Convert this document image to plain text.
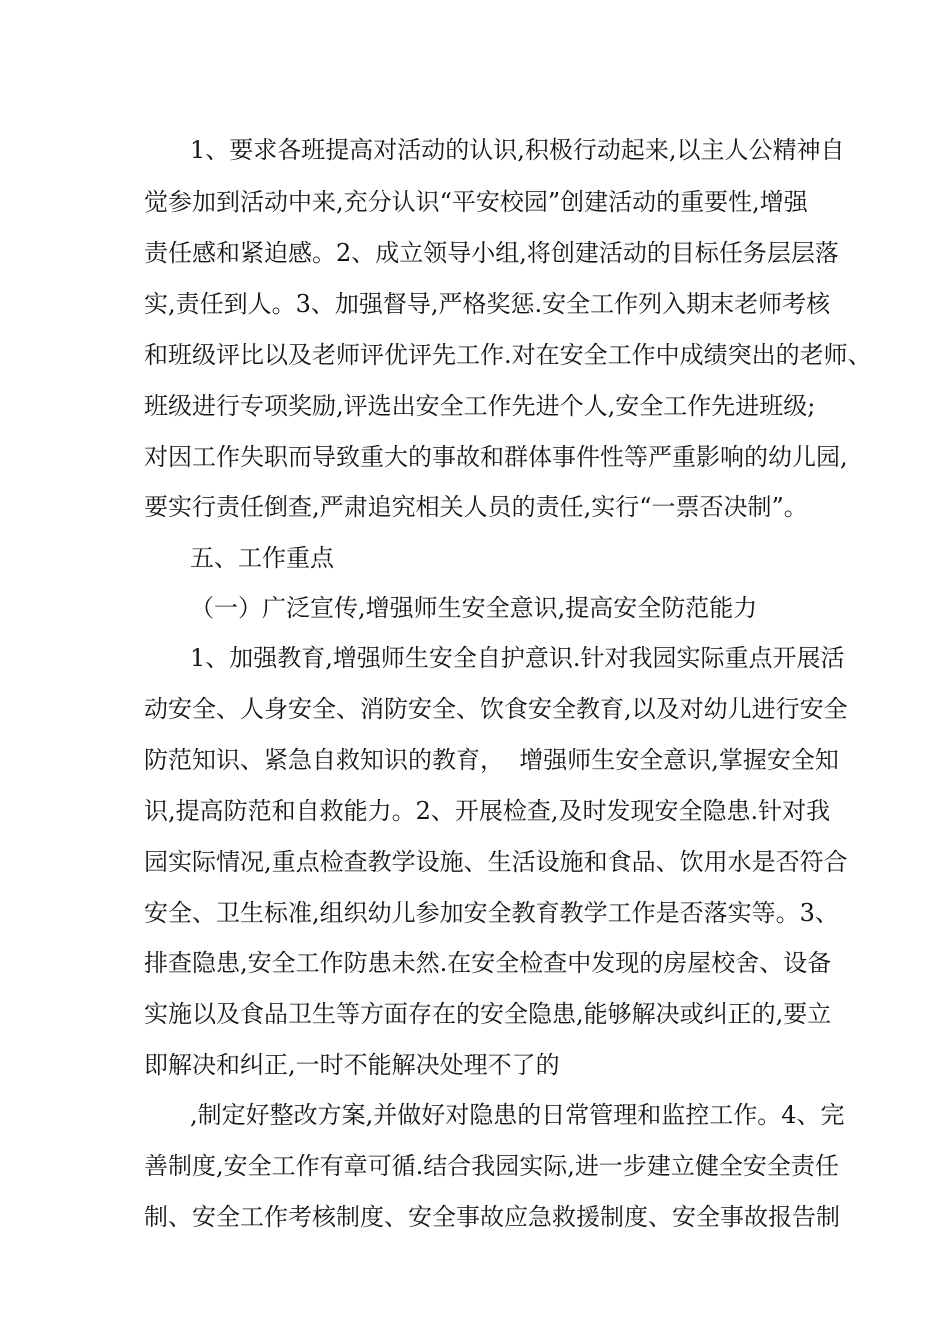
1、要求各班提高对活动的认识,积极行动起来,以主人公精神自
觉参加到活动中来,充分认识“平安校园”创建活动的重要性,增强
责任感和紧迫感。2、成立领导小组,将创建活动的目标任务层层落
实,责任到人。3、加强督导,严格奖惩.安全工作列入期末老师考核
和班级评比以及老师评优评先工作.对在安全工作中成绩突出的老师、
班级进行专项奖励,评选出安全工作先进个人,安全工作先进班级;
对因工作失职而导致重大的事故和群体事件性等严重影响的幼儿园,
要实行责任倒查,严肃追究相关人员的责任,实行“一票否决制”。
五、工作重点
（一）广泛宣传,增强师生安全意识,提高安全防范能力
1、加强教育,增强师生安全自护意识.针对我园实际重点开展活
动安全、人身安全、消防安全、饮食安全教育,以及对幼儿进行安全
防范知识、紧急自救知识的教育，  增强师生安全意识,掌握安全知
识,提高防范和自救能力。2、开展检查,及时发现安全隐患.针对我
园实际情况,重点检查教学设施、生活设施和食品、饮用水是否符合
安全、卫生标准,组织幼儿参加安全教育教学工作是否落实等。3、
排查隐患,安全工作防患未然.在安全检查中发现的房屋校舍、设备
实施以及食品卫生等方面存在的安全隐患,能够解决或纠正的,要立
即解决和纠正,一时不能解决处理不了的
,制定好整改方案,并做好对隐患的日常管理和监控工作。4、完
善制度,安全工作有章可循.结合我园实际,进一步建立健全安全责任
制、安全工作考核制度、安全事故应急救援制度、安全事故报告制
